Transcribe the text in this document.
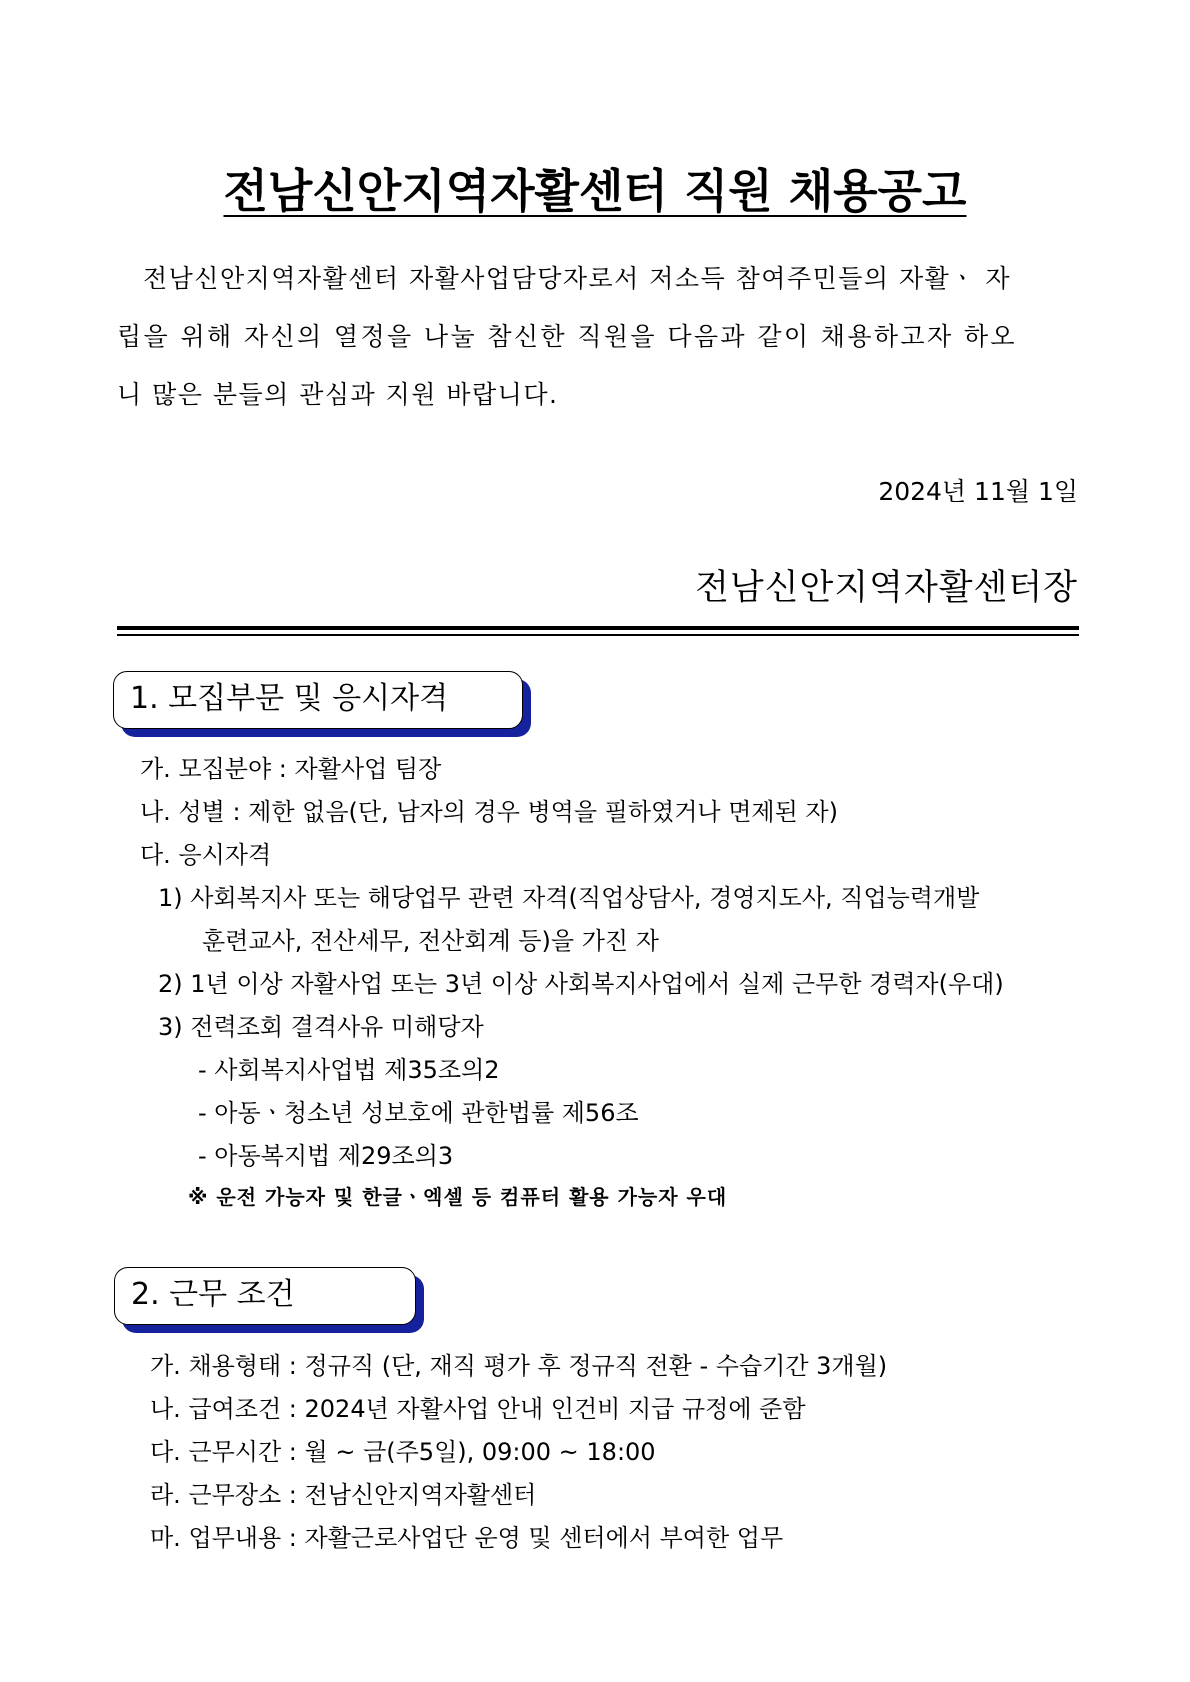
전남신안지역자활센터 직원 채용공고
전남신안지역자활센터 자활사업담당자로서 저소득 참여주민들의 자활ㆍ 자
립을 위해 자신의 열정을 나눌 참신한 직원을 다음과 같이 채용하고자 하오
니 많은 분들의 관심과 지원 바랍니다.
2024년 11월 1일
전남신안지역자활센터장
1. 모집부문 및 응시자격
가. 모집분야 : 자활사업 팀장
나. 성별 : 제한 없음(단, 남자의 경우 병역을 필하였거나 면제된 자)
다. 응시자격
1) 사회복지사 또는 해당업무 관련 자격(직업상담사, 경영지도사, 직업능력개발
훈련교사, 전산세무, 전산회계 등)을 가진 자
2) 1년 이상 자활사업 또는 3년 이상 사회복지사업에서 실제 근무한 경력자(우대)
3) 전력조회 결격사유 미해당자
- 사회복지사업법 제35조의2
- 아동ㆍ청소년 성보호에 관한법률 제56조
- 아동복지법 제29조의3
※ 운전 가능자 및 한글ㆍ엑셀 등 컴퓨터 활용 가능자 우대
2. 근무 조건
가. 채용형태 : 정규직 (단, 재직 평가 후 정규직 전환 - 수습기간 3개월)
나. 급여조건 : 2024년 자활사업 안내 인건비 지급 규정에 준함
다. 근무시간 : 월 ~ 금(주5일), 09:00 ~ 18:00
라. 근무장소 : 전남신안지역자활센터
마. 업무내용 : 자활근로사업단 운영 및 센터에서 부여한 업무
